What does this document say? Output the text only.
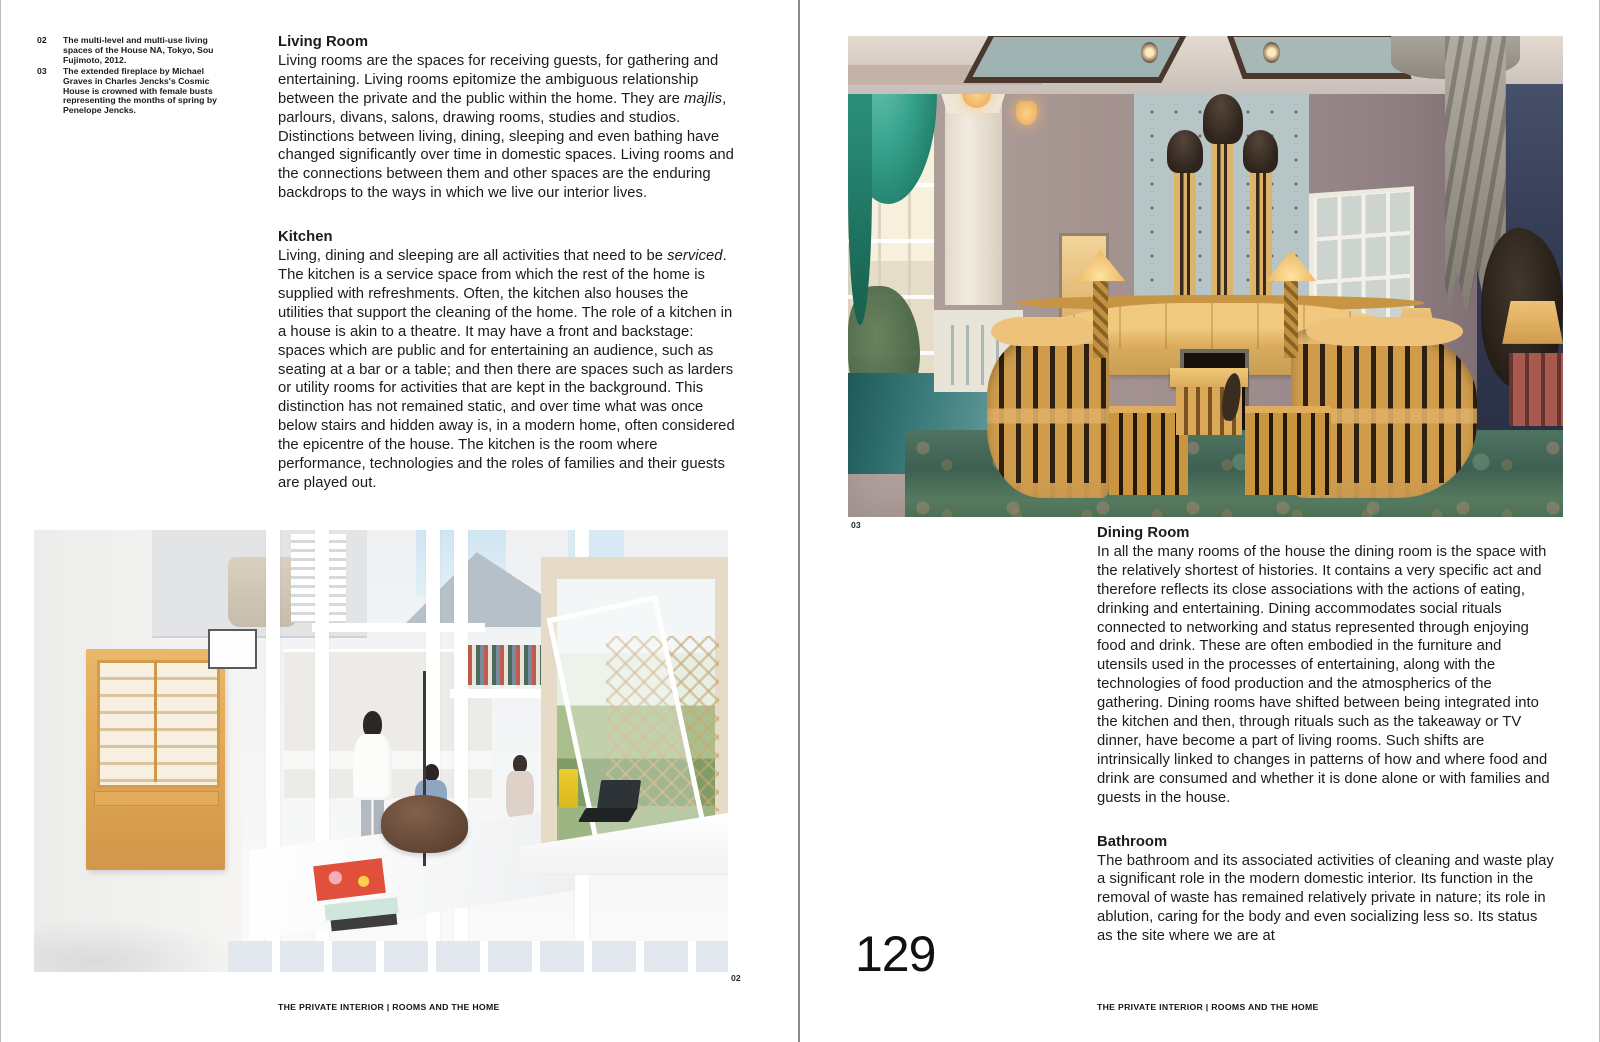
02	The multi-level and multi-use living spaces of the House NA, Tokyo, Sou Fujimoto, 2012.
03	The extended fireplace by Michael Graves in Charles Jencks's Cosmic House is crowned with female busts representing the months of spring by Penelope Jencks.
Living Room

Living rooms are the spaces for receiving guests, for gathering and entertaining. Living rooms epitomize the ambiguous relationship between the private and the public within the home. They are majlis, parlours, divans, salons, drawing rooms, studies and studios. Distinctions between living, dining, sleeping and even bathing have changed significantly over time in domestic spaces. Living rooms and the connections between them and other spaces are the enduring backdrops to the ways in which we live our interior lives.

Kitchen

Living, dining and sleeping are all activities that need to be serviced. The kitchen is a service space from which the rest of the home is supplied with refreshments. Often, the kitchen also houses the utilities that support the cleaning of the home. The role of a kitchen in a house is akin to a theatre. It may have a front and backstage: spaces which are public and for entertaining an audience, such as seating at a bar or a table; and then there are spaces such as larders or utility rooms for activities that are kept in the background. This distinction has not remained static, and over time what was once below stairs and hidden away is, in a modern home, often considered the epicentre of the house. The kitchen is the room where performance, technologies and the roles of families and their guests are played out.

02
THE PRIVATE INTERIOR | ROOMS AND THE HOME
03	Dining Room

In all the many rooms of the house the dining room is the space with the relatively shortest of histories. It contains a very specific act and therefore reflects its close associations with the actions of eating, drinking and entertaining. Dining accommodates social rituals connected to networking and status represented through enjoying food and drink. These are often embodied in the furniture and utensils used in the processes of entertaining, along with the technologies of food production and the atmospherics of the gathering. Dining rooms have shifted between being integrated into the kitchen and then, through rituals such as the takeaway or TV dinner, have become a part of living rooms. Such shifts are intrinsically linked to changes in patterns of how and where food and drink are consumed and whether it is done alone or with families and guests in the house.

Bathroom

The bathroom and its associated activities of cleaning and waste play a significant role in the modern domestic interior. Its function in the removal of waste has remained relatively private in nature; its role in ablution, caring for the body and even socializing less so. Its status as the site where we are at

129
THE PRIVATE INTERIOR | ROOMS AND THE HOME
